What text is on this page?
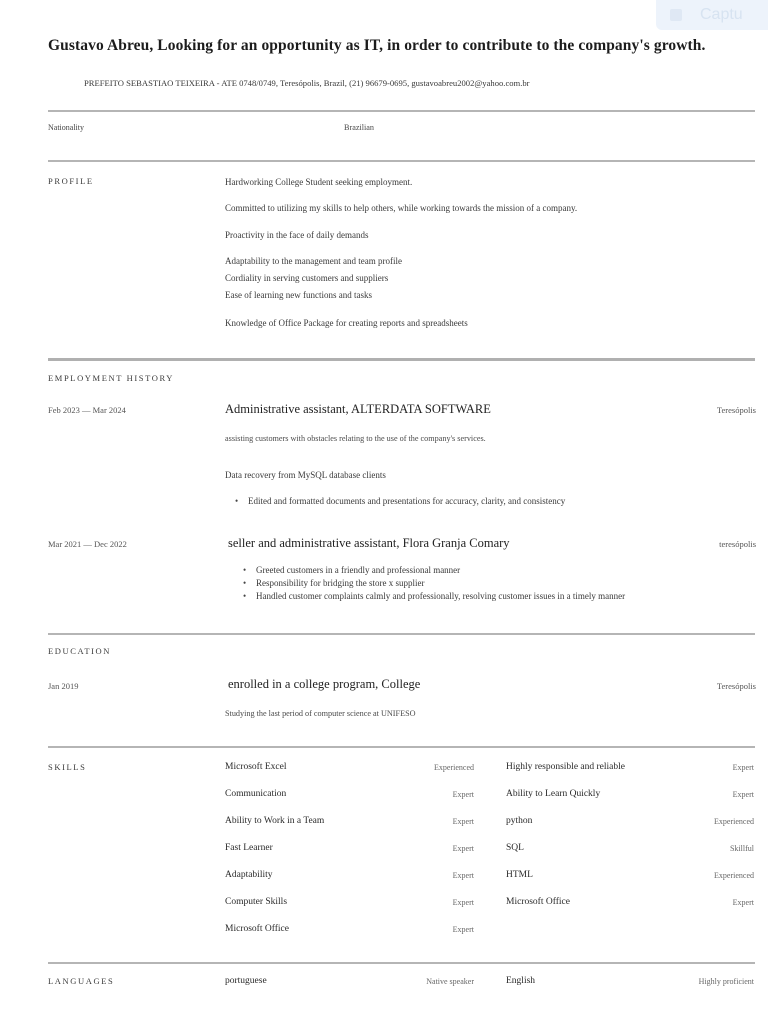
Captu
Gustavo Abreu, Looking for an opportunity as IT, in order to contribute to the company's growth.
PREFEITO SEBASTIAO TEIXEIRA - ATE 0748/0749, Teresópolis, Brazil, (21) 96679-0695, gustavoabreu2002@yahoo.com.br
Nationality	Brazilian
PROFILE	Hardworking College Student seeking employment.
Committed to utilizing my skills to help others, while working towards the mission of a company.
Proactivity in the face of daily demands
Adaptability to the management and team profile
Cordiality in serving customers and suppliers
Ease of learning new functions and tasks
Knowledge of Office Package for creating reports and spreadsheets
EMPLOYMENT HISTORY
Feb 2023 — Mar 2024	Administrative assistant, ALTERDATA SOFTWARE	Teresópolis
assisting customers with obstacles relating to the use of the company's services.
Data recovery from MySQL database clients
• Edited and formatted documents and presentations for accuracy, clarity, and consistency
Mar 2021 — Dec 2022	seller and administrative assistant, Flora Granja Comary	teresópolis
• Greeted customers in a friendly and professional manner
• Responsibility for bridging the store x supplier
• Handled customer complaints calmly and professionally, resolving customer issues in a timely manner
EDUCATION
Jan 2019	enrolled in a college program, College	Teresópolis
Studying the last period of computer science at UNIFESO
SKILLS	Microsoft Excel	Experienced
Communication	Expert
Ability to Work in a Team	Expert
Fast Learner	Expert
Adaptability	Expert
Computer Skills	Expert
Microsoft Office	Expert
Highly responsible and reliable	Expert
Ability to Learn Quickly	Expert
python	Experienced
SQL	Skillful
HTML	Experienced
Microsoft Office	Expert
LANGUAGES	portuguese	Native speaker	English	Highly proficient
